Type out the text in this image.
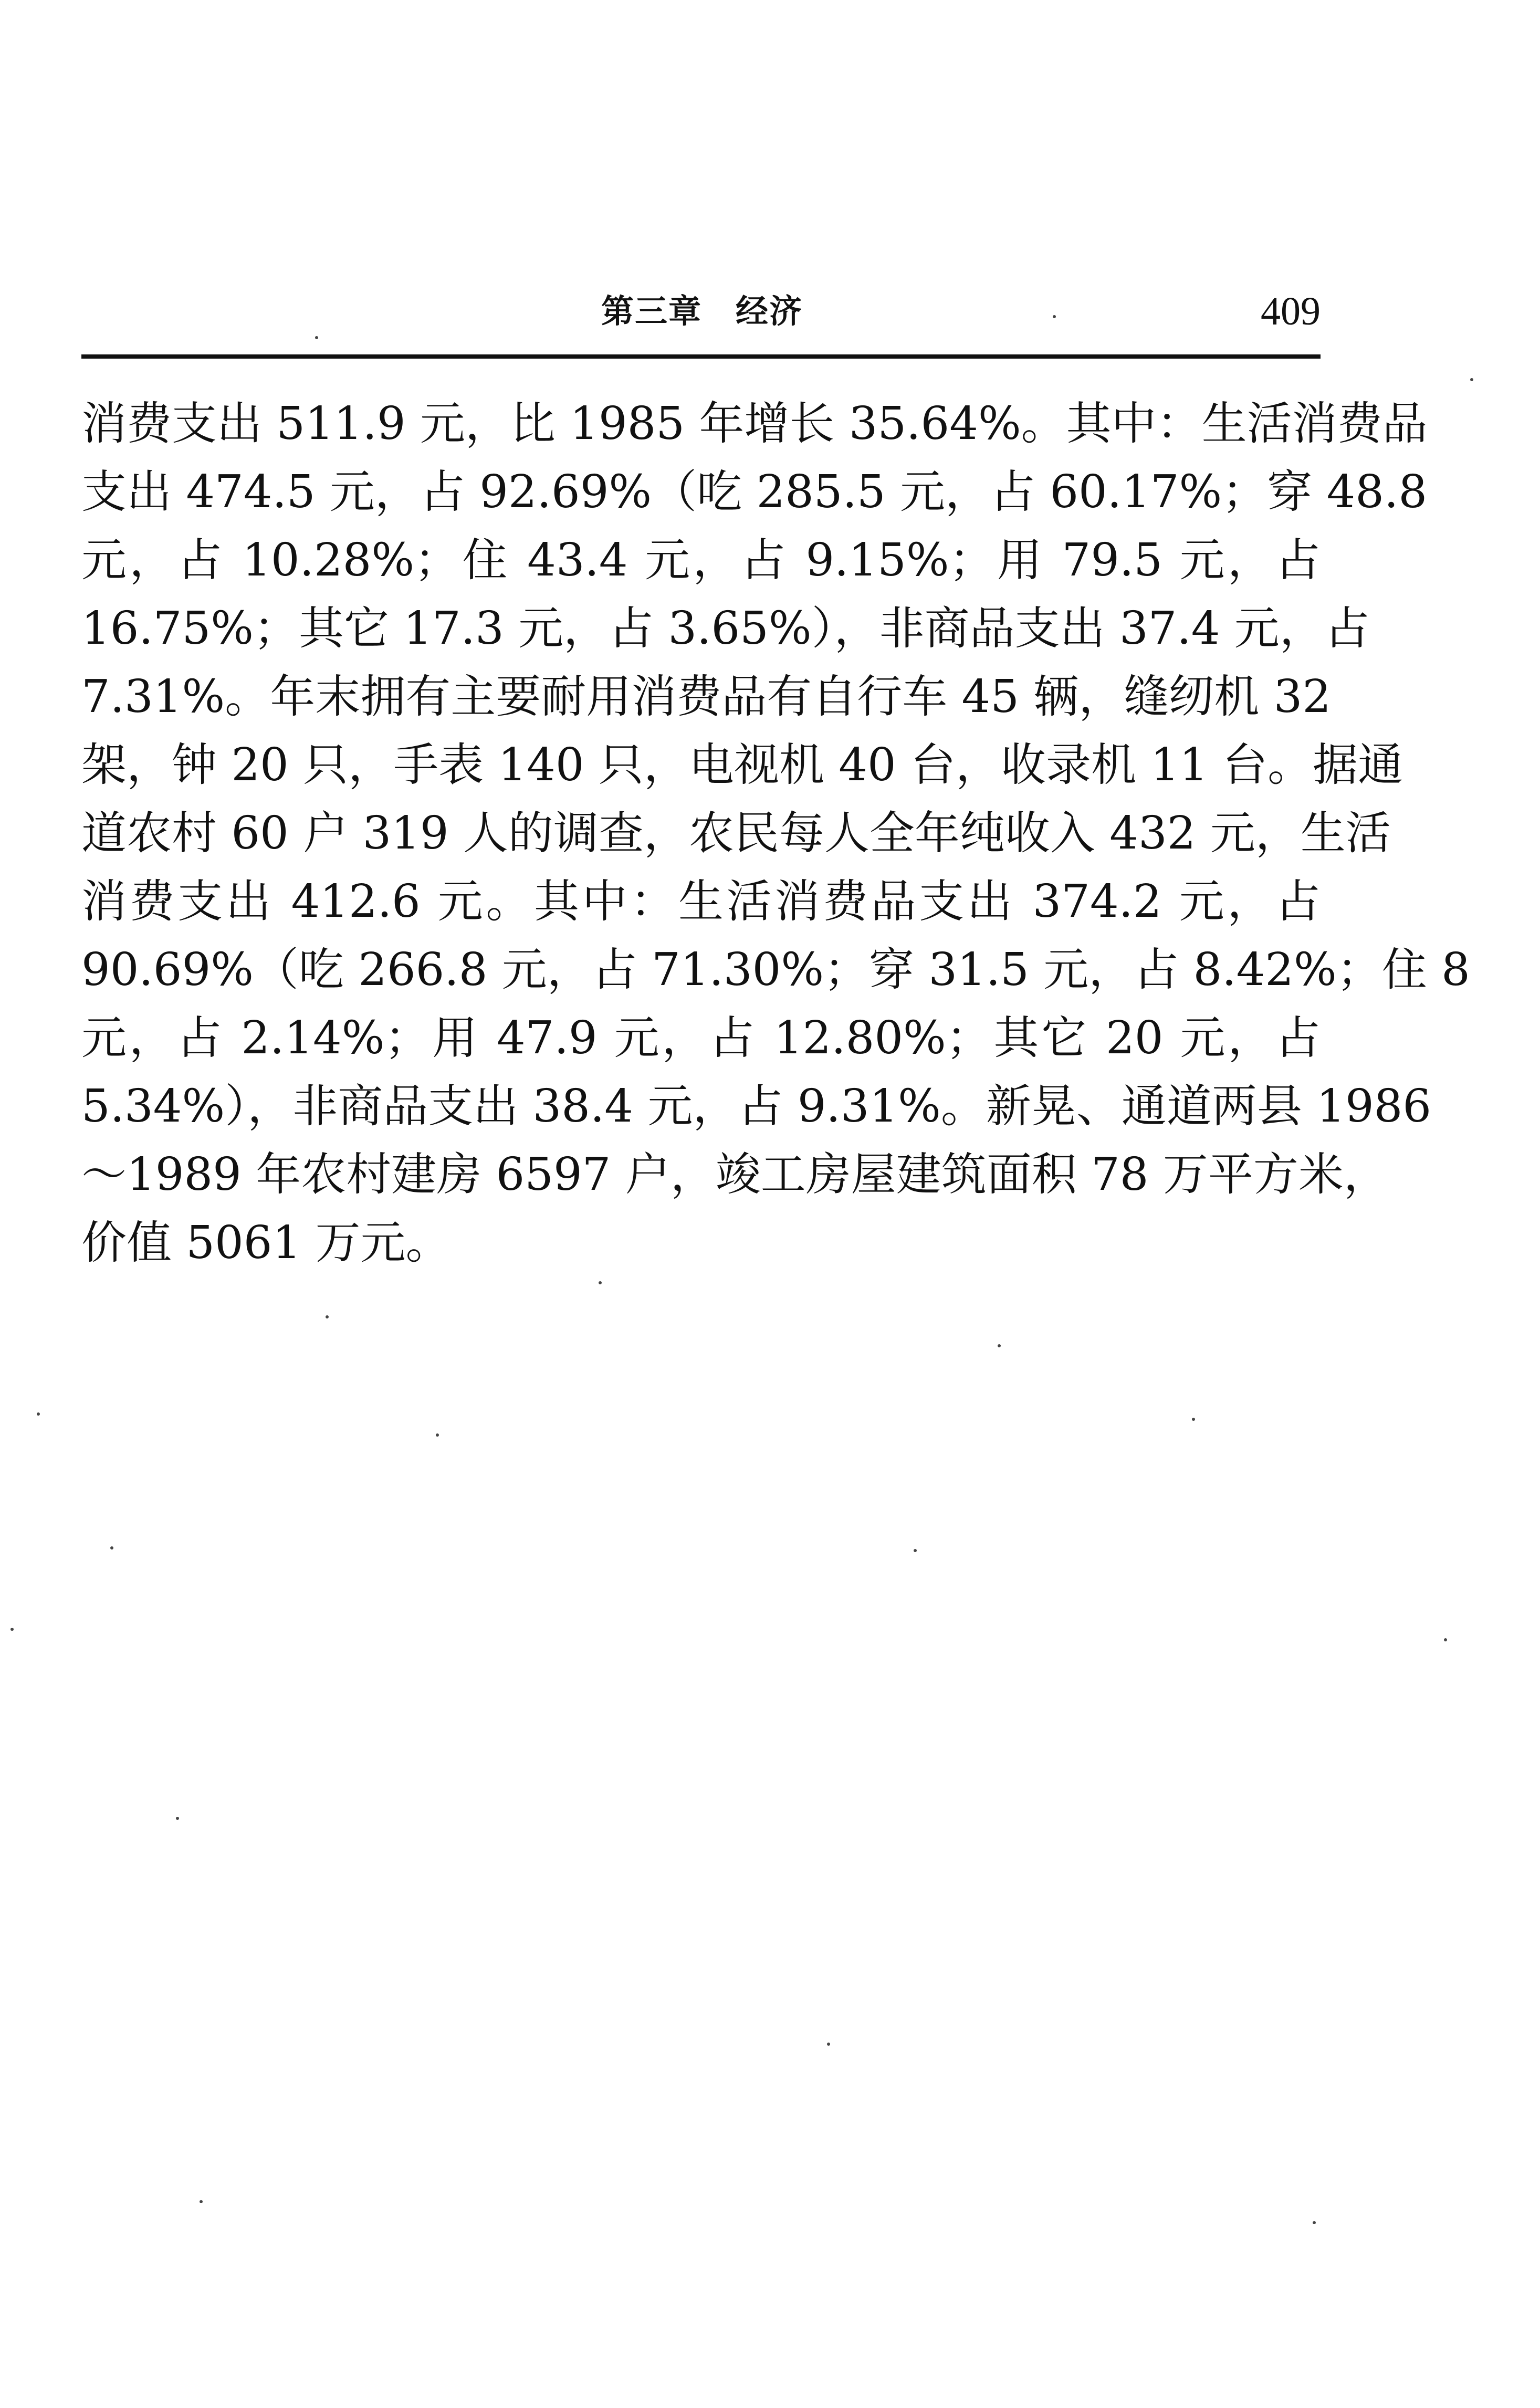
第三章　经济	409
消费支出 511.9 元，比 1985 年增长 35.64%。其中：生活消费品
支出 474.5 元，占 92.69%（吃 285.5 元，占 60.17%；穿 48.8
元，占 10.28%；住 43.4 元，占 9.15%；用 79.5 元，占
16.75%；其它 17.3 元，占 3.65%），非商品支出 37.4 元，占
7.31%。年末拥有主要耐用消费品有自行车 45 辆，缝纫机 32
架，钟 20 只，手表 140 只，电视机 40 台，收录机 11 台。据通
道农村 60 户 319 人的调查，农民每人全年纯收入 432 元，生活
消费支出 412.6 元。其中：生活消费品支出 374.2 元，占
90.69%（吃 266.8 元，占 71.30%；穿 31.5 元，占 8.42%；住 8
元，占 2.14%；用 47.9 元，占 12.80%；其它 20 元，占
5.34%），非商品支出 38.4 元，占 9.31%。新晃、通道两县 1986
～1989 年农村建房 6597 户，竣工房屋建筑面积 78 万平方米，
价值 5061 万元。
